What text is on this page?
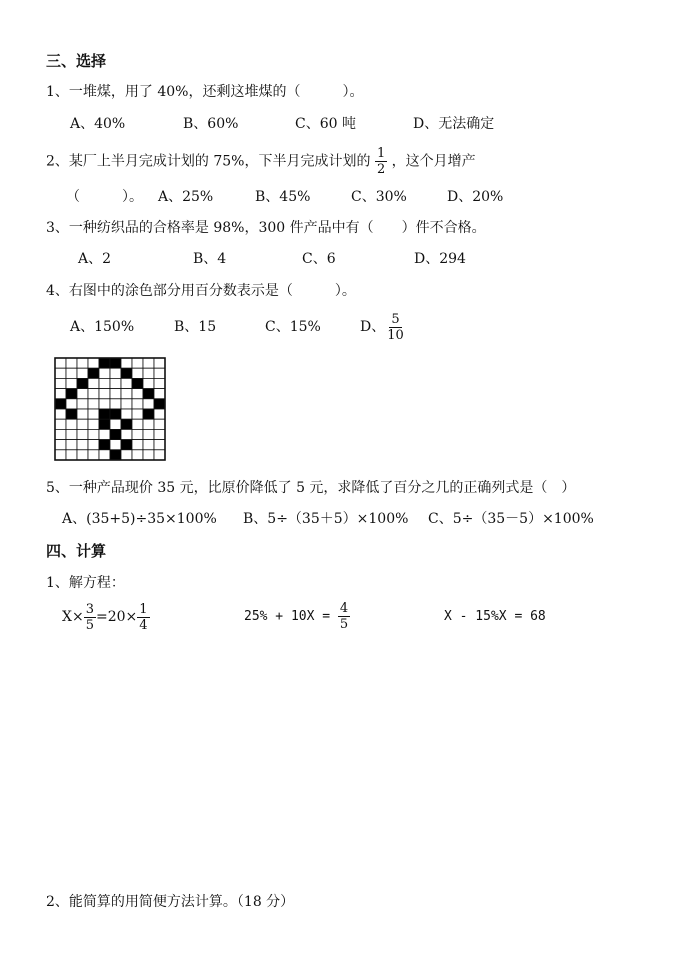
三、选择
1、一堆煤，用了 40%，还剩这堆煤的（　　　）。
A、40%	B、60%	C、60 吨	D、无法确定
2、某厂上半月完成计划的 75%，下半月完成计划的 $\frac{1}{2}$ ，这个月增产
（　　　）。 A、25%	B、45%	C、30%	D、20%
3、一种纺织品的合格率是 98%，300 件产品中有（　　）件不合格。
A、2	B、4	C、6	D、294
4、右图中的涂色部分用百分数表示是（　　　）。
A、150%	B、15	C、15%	D、 $\frac{5}{10}$
5、一种产品现价 35 元，比原价降低了 5 元，求降低了百分之几的正确列式是（　）
A、(35+5)÷35×100% B、5÷（35＋5）×100% C、5÷（35－5）×100%
四、计算
1、解方程：
$X\times \frac{3}{5} =20\times \frac{1}{4}$	$25\% + 10X = \frac{4}{5}$	X - 15%X = 68
2、能简算的用简便方法计算。（18 分）
